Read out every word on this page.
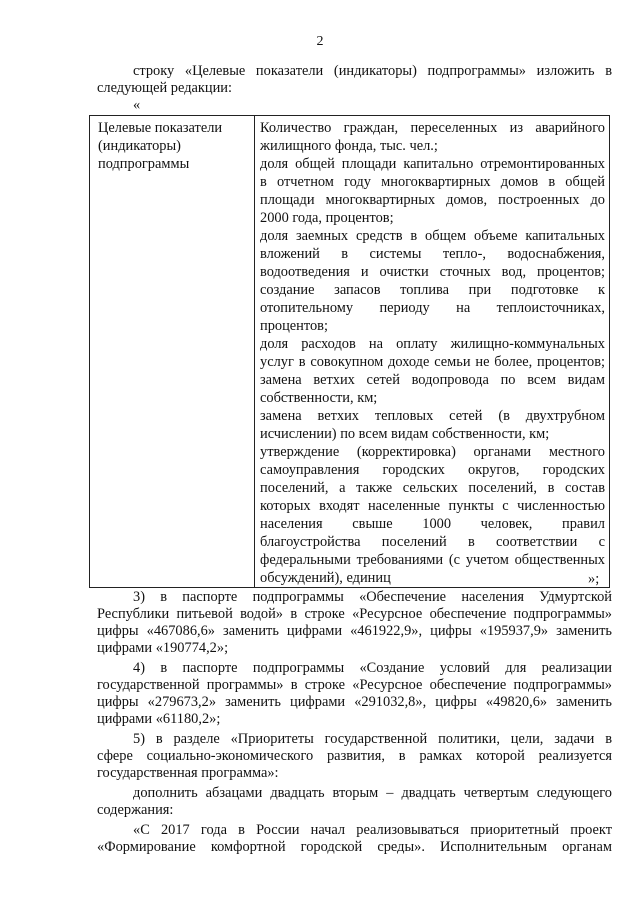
2
строку «Целевые показатели (индикаторы) подпрограммы» изложить в
следующей редакции:
«
Целевые показатели
(индикаторы)
подпрограммы

Количество граждан, переселенных из аварийного
жилищного фонда, тыс. чел.;
доля общей площади капитально отремонтированных
в отчетном году многоквартирных домов в общей
площади многоквартирных домов, построенных до
2000 года, процентов;
доля заемных средств в общем объеме капитальных
вложений в системы тепло-, водоснабжения,
водоотведения и очистки сточных вод, процентов;
создание запасов топлива при подготовке к
отопительному периоду на теплоисточниках,
процентов;
доля расходов на оплату жилищно-коммунальных
услуг в совокупном доходе семьи не более, процентов;
замена ветхих сетей водопровода по всем видам
собственности, км;
замена ветхих тепловых сетей (в двухтрубном
исчислении) по всем видам собственности, км;
утверждение (корректировка) органами местного
самоуправления городских округов, городских
поселений, а также сельских поселений, в состав
которых входят населенные пункты с численностью
населения свыше 1000 человек, правил
благоустройства поселений в соответствии с
федеральными требованиями (с учетом общественных
обсуждений), единиц	»;
3) в паспорте подпрограммы «Обеспечение населения Удмуртской
Республики питьевой водой» в строке «Ресурсное обеспечение подпрограммы»
цифры «467086,6» заменить цифрами «461922,9», цифры «195937,9» заменить
цифрами «190774,2»;
4) в паспорте подпрограммы «Создание условий для реализации
государственной программы» в строке «Ресурсное обеспечение подпрограммы»
цифры «279673,2» заменить цифрами «291032,8», цифры «49820,6» заменить
цифрами «61180,2»;
5) в разделе «Приоритеты государственной политики, цели, задачи в
сфере социально-экономического развития, в рамках которой реализуется
государственная программа»:
дополнить абзацами двадцать вторым – двадцать четвертым следующего
содержания:
«С 2017 года в России начал реализовываться приоритетный проект
«Формирование комфортной городской среды». Исполнительным органам
